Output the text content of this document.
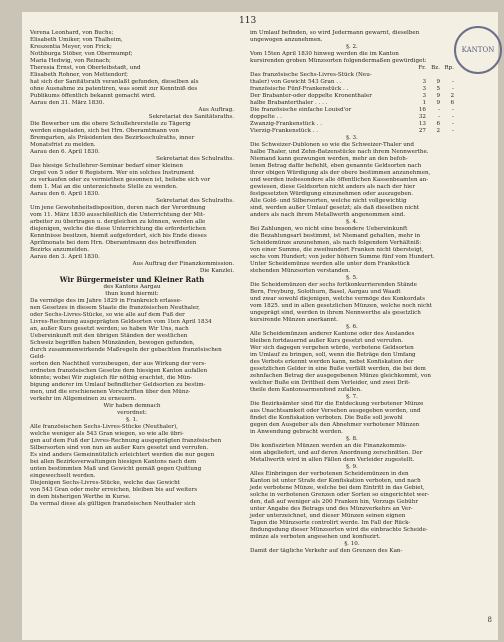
113
KANTON

Verena Leonhard, von Buchs;

Elisabeth Umiker, von Thalheim,

Kreszentia Meyer, von Frick;

Nothburga Stöber, von Obermumpf;

Maria Hedwig, von Reinach;

Theresia Ernst, von Oberleibstadt, und

Elisabeth Rohner, von Mettendorf;

hat sich der Sanitätsrath veranlaßt gefunden, dieselben als

ohne Ausnahme zu patentiren, was somit zur Kenntniß des

Publikums öffentlich bekannt gemacht wird.

Aarau den 31. März 1830.

Aus Auftrag.

Sekretariat des Sanitätsraths.

Die Bewerber um die obere Schullehrerstelle zu Tägerig

werden eingeladen, sich bei Hrn. Oberamtmann von

Bremgarten, als Präsidenten des Bezirksschulraths, inner

Monatsfrist zu melden.

Aarau den 6. April 1830.

Sekretariat des Schulraths.

Das hiesige Schullehrer-Seminar bedarf einer kleinen

Orgel von 5 oder 6 Registern. Wer ein solches Instrument

zu verkaufen oder zu vermiethen gesonnen ist, beliebe sich vor

dem 1. Mai an die unterzeichnete Stelle zu wenden.

Aarau den 6. April 1830.

Sekretariat des Schulraths.

Um jene Gewohnheitsdisposition, deren nach der Verordnung

vom 11. März 1830 ausschließlich die Unterrichtung der Mit-

arbeiter zu übertragen u. dergleichen zu können, werden alle

diejenigen, welche die diese Unterrichtung die erforderlichen

Kenntnisse besitzen, hiemit aufgefordert, sich bis Ende dieses

Aprilmonats bei dem Hrn. Oberamtmann des betreffenden

Bezirks anzumelden.

Aarau den 3. April 1830.

Aus Auftrag der Finanzkommission.

Die Kanzlei.

Wir Bürgermeister und Kleiner Rath

des Kantons Aargau

thun kund hiermit:

Da vermöge des im Jahre 1829 in Frankreich erlasse-

nen Gesetzes in diesem Staate die französischen Neuthaler,

oder Sechs-Livres-Stücke, so wie alle auf dem Fuß der

Livres-Rechnung ausgeprägten Geldsorten vom 1ten April 1834

an, außer Kurs gesetzt werden; so haben Wir Uns, nach

Uebereinkunft mit den übrigen Ständen der westlichen

Schweiz begriffen haben Münzänden, bewogen gefunden,

durch zusammenwirkende Maßregeln der gebachten französischen Geld-

sorten den Nachtheil vorzubeugen, der aus Wirkung der vers-

ordneten französischen Gesetze dem hiesigen Kanton aufallen

könnte; wobei Wir zugleich für nöthig erachtet, die Mün-

bigung anderer im Umlauf befindlicher Geldsorten zu bestim-

men, und die erschienenen Vorschriften über den Münz-

verkehr im Allgemeinen zu erneuern.

Wir haben demnach

verordnet:

§. 1.

Alle französischen Sechs-Livres-Stücke (Neuthaler),

welche weniger als 543 Gran wiegen, so wie alle übri-

gen auf dem Fuß der Livres-Rechnung ausgeprägten französischen

Silbersorten sind von nun an außer Kurs gesetzt und verrufen.

Es sind anders Gemeinnützlich erleichtert werden die nur gegen

bei allen Bezirksverwaltungen hiesigen Kantons nach dem

unten bestimmten Maß und Gewicht gemäß gegen Quittung

eingewechselt werden.

Diejenigen Sechs-Livres-Stücke, welche das Gewicht

von 543 Gran oder mehr erreichen, bleiben bis auf weiters

in dem bisherigen Werthe in Kurse.

Da vermal diese als gültigen französischen Neuthaler sich

im Umlauf befinden, so wird Jedermann gewarnt, dieselben

ungewogen anzunehmen.

§. 2.

Vom 15ten April 1830 hinweg werden die im Kanton

kursirenden groben Münzsorten folgendermaßen gewürdiget:

	Fr.	Bz.	Rp.
Das französische Sechs-Livres-Stück (Neu-			
thaler) von Gewicht 543 Gran . .	3	9	-
französische Fünf-Frankenstück . .	3	5	-
Der Brabanter-oder doppelte Kronenthaler	3	9	2
halbe Brabanterthaler . . . .	1	9	6
Die französische einfache Louisd'or	16	-	-
doppelte . .	32	-	-
Zwanzig-Frankenstück . .	13	6	-
Vierzig-Frankenstück . .	27	2	-

§. 3.

Die Schweizer-Dublonen so wie die Schweizer-Thaler und

halbe Thaler, und Zehn-Batzenstücke nach ihrem Nennwerthe.

Niemand kann gezwungen werden, mehr an den befoh-

lenen Betrag dafür befiehlt, eben genannte Geldsorten nach

ihrer obigen Würdigung als der obere bestimmen anzunehmen,

und werden insbesondere alle öffentlichen Kassenbeamten an-

gewiesen, diese Geldsorten nicht anders als nach der hier

festgesetzten Würdigung einzunehmen oder auszugeben.

Alle Gold- und Silbersorten, welche nicht vollgewichtig

sind, werden außer Umlauf gesetzt; als daß dieselben nicht

anders als nach ihrem Metallwerth angenommen sind.

§. 4.

Bei Zahlungen, wo nicht eine besondere Uebereinkunft

die Bezahlungsart bestimmt, ist Niemand gehalten, mehr in

Scheidemünze anzunehmen, als nach folgendem Verhältniß:

von einer Summe, die zweihundert Franken nicht übersteigt,

sechs vom Hundert; von jeder höhern Summe fünf vom Hundert.

Unter Scheidemünze werden alle unter dem Frankstück

stehenden Münzsorten verstanden.

§. 5.

Die Scheidemünzen der sechs fortkonkurrierenden Stände

Bern, Freyburg, Solothurn, Basel, Aargau und Waadt

und zwar sowohl diejenigen, welche vermöge des Konkordats

vom 1825. und in allen gesetzlichen Münzen, welche noch nicht

ungeprägt sind, werden in ihrem Nennwerthe als gesetzlich

kursirende Münzen anerkannt.

§. 6.

Alle Scheidemünzen anderer Kantone oder des Auslandes

bleiben fortdauernd außer Kurs gesetzt und verrufen.

Wer sich dagegen vergehen würde, verbotene Geldsorten

im Umlauf zu bringen, soll, wenn die Beträge den Umfang

des Verbots erkennt werden kann, nebst Konfiskation der

gesetzlichen Gelder in eine Buße verfällt werden, die bei dem

zehnfachen Betrag der ausgegebenen Münze gleichkommt, von

welcher Buße ein Drittheil dem Verleider, und zwei Drit-

theile dem Kantonsarmenfond zufallen.

§. 7.

Die Bezirksämter sind für die Entdeckung verbotener Münze

aus Unachtsamkeit oder Versehen ausgegeben worden, und

findet die Konfiskation verboten. Die Buße soll jewohl

gegen den Ausgeber als den Abnehmer verbotener Münzen

in Anwendung gebracht werden.

§. 8.

Die konfiszirten Münzen werden an die Finanzkommis-

sion abgeliefert, und auf deren Anordnung zerschnitten. Der

Metallwerth wird in allen Fällen dem Verleider zugestellt.

§. 9.

Alles Einbringen der verbotenen Scheidemünzen in den

Kanton ist unter Strafe der Konfiskation verboten, und nach

jede verbotene Münze, welche bei dem Eintritt in das Gebiet,

solche in verbotenen Grenzen oder Sorten so eingerichtet wer-

den, daß auf weniger als 200 Franken hin, Vorzugs Gebühr

unter Angabe des Betrags und des Münzverkehrs an Ver-

jeder unterzeichnet, und dieser Münzen seinen eignen

Tagen die Münzsorte controlirt werde. Im Fall der Rück-

findungsdung dieser Münzsorten wird die einbrachte Scheide-

münze als verboten angesehen und konfiszirt.

§. 10.

Damit der tägliche Verkehr auf den Grenzen des Kan-

8
